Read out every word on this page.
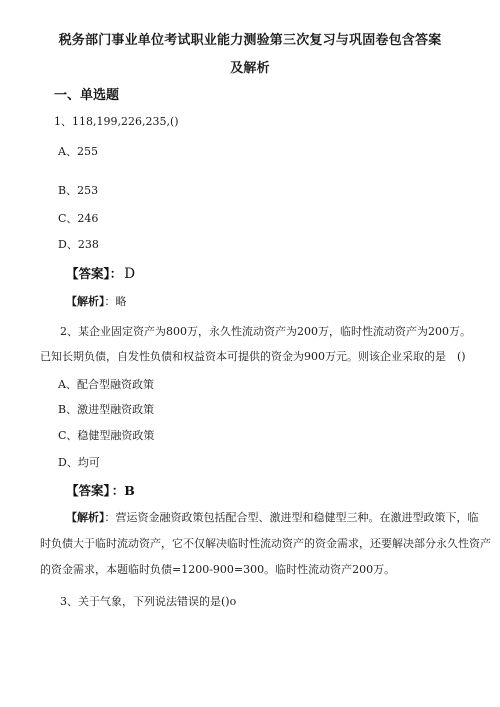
税务部门事业单位考试职业能力测验第三次复习与巩固卷包含答案
及解析
一、单选题
1、118,199,226,235,()
A、255
B、253
C、246
D、238
【答案】： D
【解析】：略
2、某企业固定资产为800万，永久性流动资产为200万，临时性流动资产为200万。
已知长期负债，自发性负债和权益资本可提供的资金为900万元。则该企业采取的是　()
A、配合型融资政策
B、激进型融资政策
C、稳健型融资政策
D、均可
【答案】 ：B
【解析】：营运资金融资政策包括配合型、激进型和稳健型三种。在激进型政策下，临
时负债大于临时流动资产，它不仅解决临时性流动资产的资金需求，还要解决部分永久性资产
的资金需求，本题临时负债=1200-900=300。临时性流动资产200万。
3、关于气象，下列说法错误的是()o
